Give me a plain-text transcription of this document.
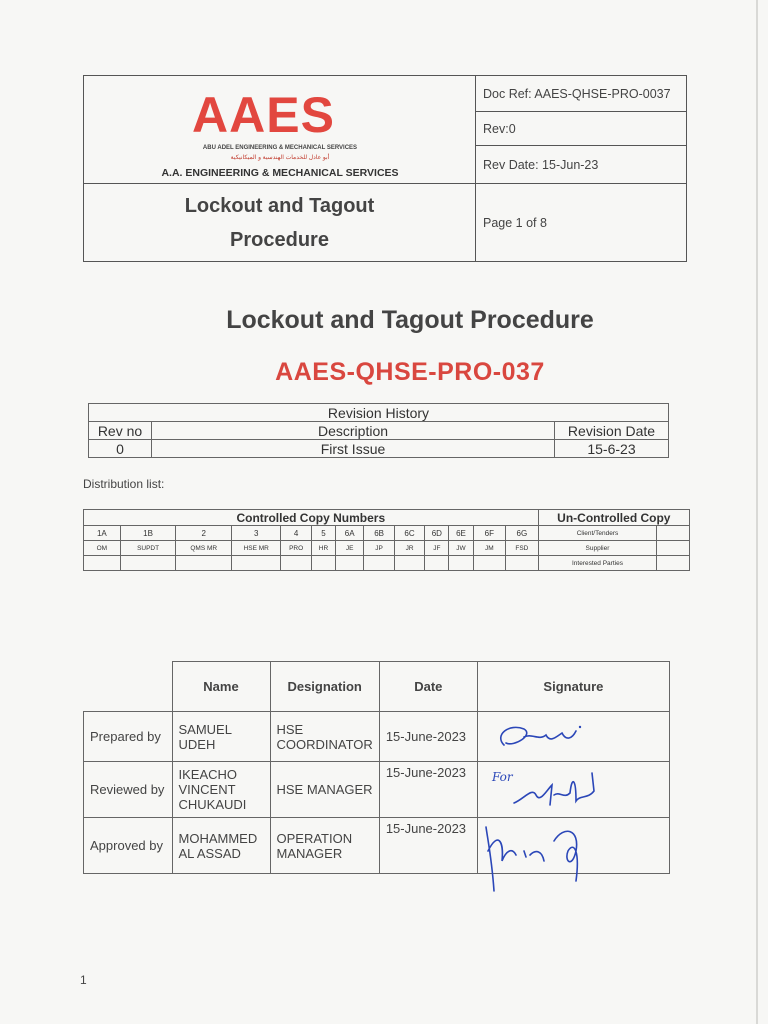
AAES
ABU ADEL ENGINEERING & MECHANICAL SERVICES
أبو عادل للخدمات الهندسية و الميكانيكية
A.A. ENGINEERING & MECHANICAL SERVICES
Lockout and Tagout
Procedure
Doc Ref: AAES-QHSE-PRO-0037
Rev:0
Rev Date: 15-Jun-23
Page 1 of 8
Lockout and Tagout Procedure
AAES-QHSE-PRO-037
Revision History		
Rev no	Description	Revision Date
0	First Issue	15-6-23
Distribution list:
Controlled Copy Numbers													Un-Controlled Copy	
1A	1B	2	3	4	5	6A	6B	6C	6D	6E	6F	6G	Client/Tenders	
OM	SUPDT	QMS MR	HSE MR	PRO	HR	JE	JP	JR	JF	JW	JM	FSD	Supplier	
													Interested Parties	
	Name	Designation	Date	Signature
Prepared by	SAMUEL UDEH	HSE COORDINATOR	15-June-2023	
Reviewed by	IKEACHO VINCENT CHUKAUDI	HSE MANAGER	15-June-2023	For

Approved by	MOHAMMED AL ASSAD	OPERATION MANAGER	15-June-2023	
1
